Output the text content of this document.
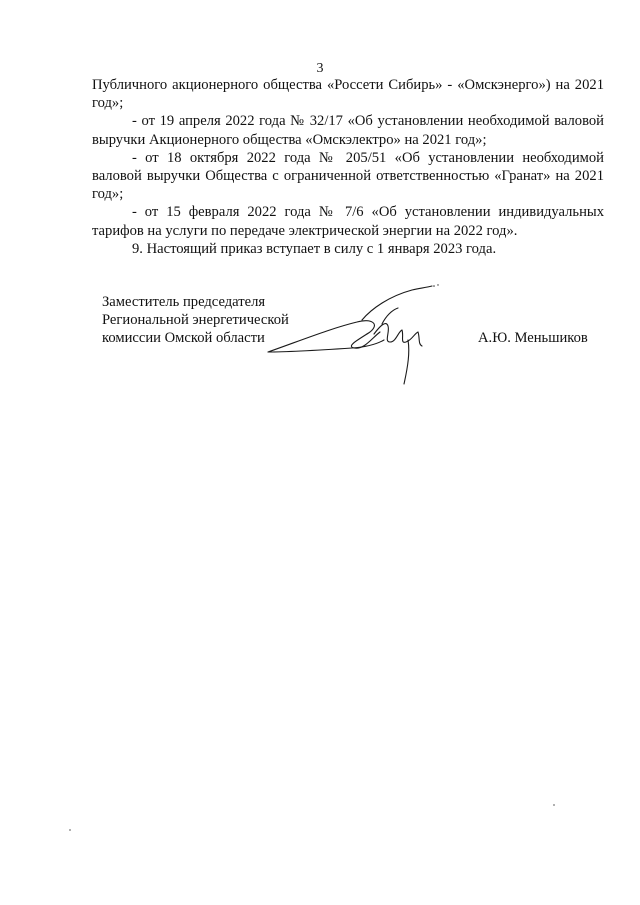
3

Публичного акционерного общества «Россети Сибирь» - «Омскэнерго») на 2021 год»;

- от 19 апреля 2022 года № 32/17 «Об установлении необходимой валовой выручки Акционерного общества «Омскэлектро» на 2021 год»;

- от 18 октября 2022 года № 205/51 «Об установлении необходимой валовой выручки Общества с ограниченной ответственностью «Гранат» на 2021 год»;

- от 15 февраля 2022 года № 7/6 «Об установлении индивидуальных тарифов на услуги по передаче электрической энергии на 2022 год».

9. Настоящий приказ вступает в силу с 1 января 2023 года.

Заместитель председателя
Региональной энергетической
комиссии Омской области	А.Ю. Меньшиков
